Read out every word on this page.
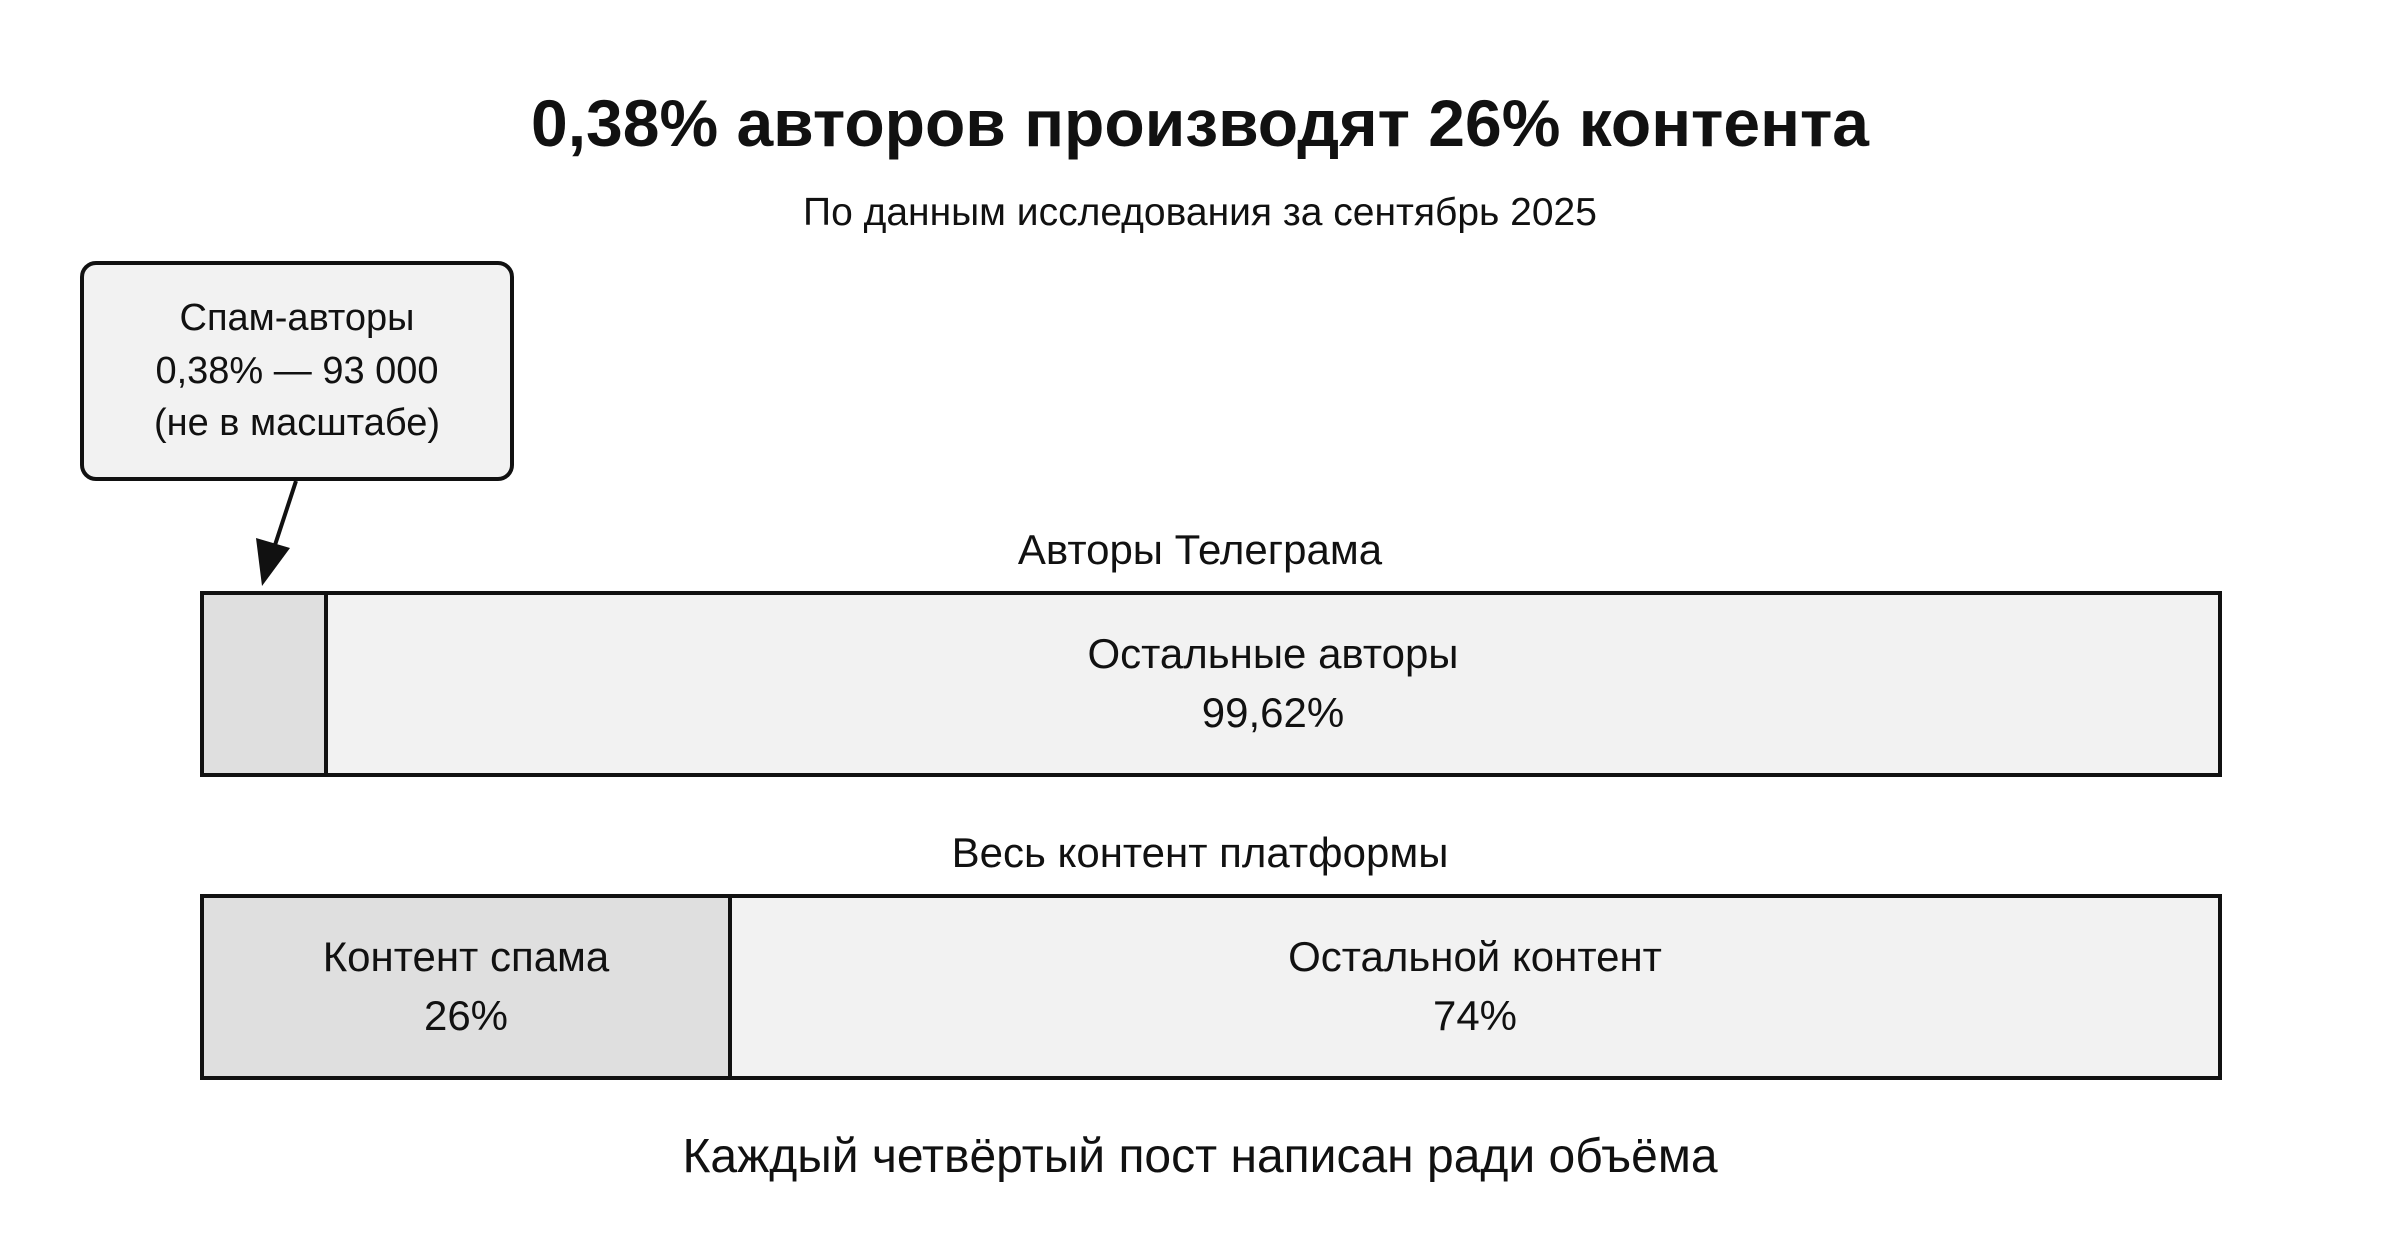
0,38% авторов производят 26% контента
По данным исследования за сентябрь 2025
Спам-авторы
0,38% — 93 000
(не в масштабе)
Авторы Телеграма
Остальные авторы
99,62%
Весь контент платформы
Контент спама
26%
Остальной контент
74%
Каждый четвёртый пост написан ради объёма
